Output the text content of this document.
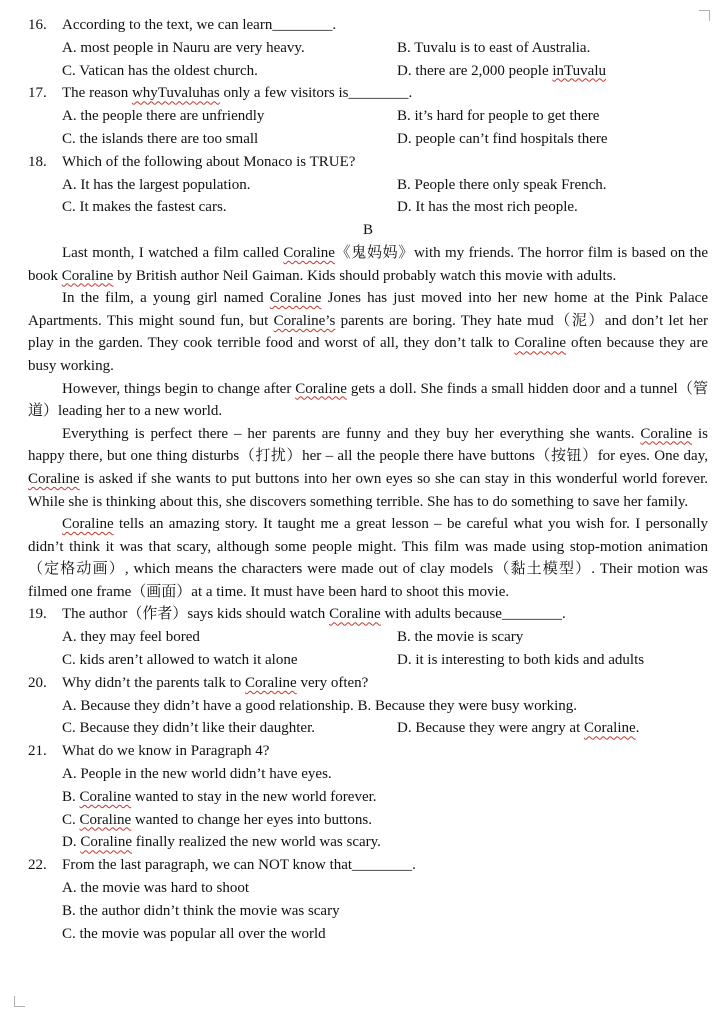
16. According to the text, we can learn________.
A. most people in Nauru are very heavy.	B. Tuvalu is to east of Australia.
C. Vatican has the oldest church.	D. there are 2,000 people inTuvalu
17. The reason whyTuvaluhas only a few visitors is________.
A. the people there are unfriendly	B. it’s hard for people to get there
C. the islands there are too small	D. people can’t find hospitals there
18. Which of the following about Monaco is TRUE?
A. It has the largest population.	B. People there only speak French.
C. It makes the fastest cars.	D. It has the most rich people.
B
Last month, I watched a film called Coraline《鬼妈妈》with my friends. The horror film is based on the book Coraline by British author Neil Gaiman. Kids should probably watch this movie with adults.
In the film, a young girl named Coraline Jones has just moved into her new home at the Pink Palace Apartments. This might sound fun, but Coraline’s parents are boring. They hate mud（泥）and don’t let her play in the garden. They cook terrible food and worst of all, they don’t talk to Coraline often because they are busy working.
However, things begin to change after Coraline gets a doll. She finds a small hidden door and a tunnel（管道）leading her to a new world.
Everything is perfect there – her parents are funny and they buy her everything she wants. Coraline is happy there, but one thing disturbs（打扰）her – all the people there have buttons（按钮）for eyes. One day, Coraline is asked if she wants to put buttons into her own eyes so she can stay in this wonderful world forever. While she is thinking about this, she discovers something terrible. She has to do something to save her family.
Coraline tells an amazing story. It taught me a great lesson – be careful what you wish for. I personally didn’t think it was that scary, although some people might. This film was made using stop-motion animation（定格动画）, which means the characters were made out of clay models（黏土模型）. Their motion was filmed one frame（画面）at a time. It must have been hard to shoot this movie.
19. The author（作者）says kids should watch Coraline with adults because________.
A. they may feel bored	B. the movie is scary
C. kids aren’t allowed to watch it alone	D. it is interesting to both kids and adults
20. Why didn’t the parents talk to Coraline very often?
A. Because they didn’t have a good relationship. B. Because they were busy working.
C. Because they didn’t like their daughter.	D. Because they were angry at Coraline.
21. What do we know in Paragraph 4?
A. People in the new world didn’t have eyes.
B. Coraline wanted to stay in the new world forever.
C. Coraline wanted to change her eyes into buttons.
D. Coraline finally realized the new world was scary.
22. From the last paragraph, we can NOT know that________.
A. the movie was hard to shoot
B. the author didn’t think the movie was scary
C. the movie was popular all over the world
